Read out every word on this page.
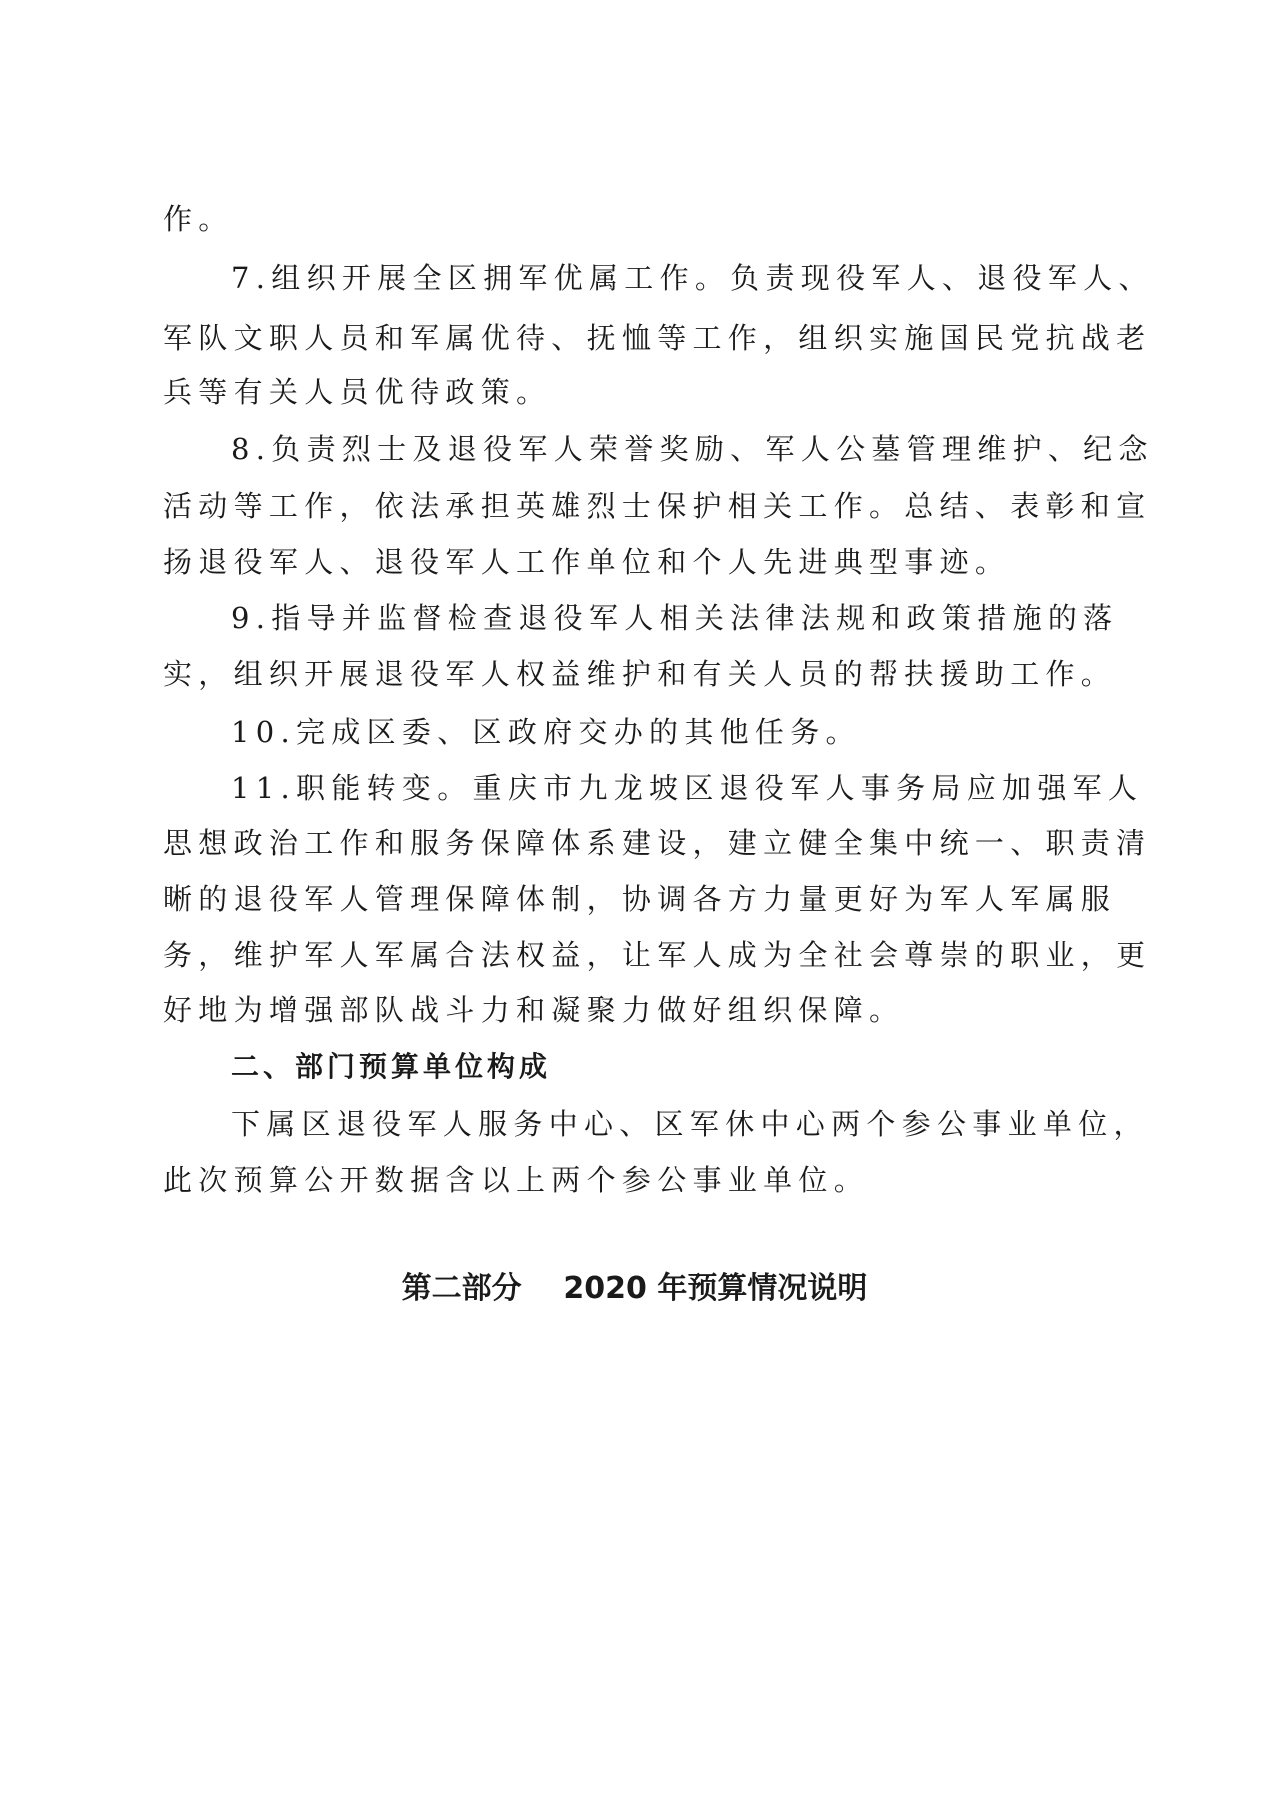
作。
7.组织开展全区拥军优属工作。负责现役军人、退役军人、
军队文职人员和军属优待、抚恤等工作，组织实施国民党抗战老
兵等有关人员优待政策。
8.负责烈士及退役军人荣誉奖励、军人公墓管理维护、纪念
活动等工作，依法承担英雄烈士保护相关工作。总结、表彰和宣
扬退役军人、退役军人工作单位和个人先进典型事迹。
9.指导并监督检查退役军人相关法律法规和政策措施的落
实，组织开展退役军人权益维护和有关人员的帮扶援助工作。
10.完成区委、区政府交办的其他任务。
11.职能转变。重庆市九龙坡区退役军人事务局应加强军人
思想政治工作和服务保障体系建设，建立健全集中统一、职责清
晰的退役军人管理保障体制，协调各方力量更好为军人军属服
务，维护军人军属合法权益，让军人成为全社会尊崇的职业，更
好地为增强部队战斗力和凝聚力做好组织保障。
二、部门预算单位构成
下属区退役军人服务中心、区军休中心两个参公事业单位，
此次预算公开数据含以上两个参公事业单位。
第二部分    2020 年预算情况说明
